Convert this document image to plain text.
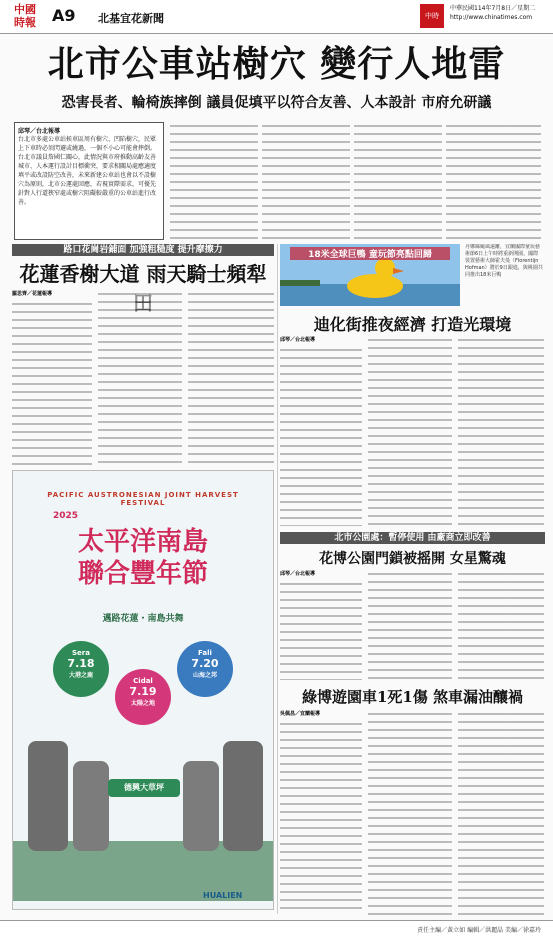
中國
時報	A9 北基宜花新聞	中時
中華民國114年7月8日／星期二
http://www.chinatimes.com
北市公車站樹穴 變行人地雷
恐害長者、輪椅族摔倒 議員促填平以符合友善、人本設計 市府允研議
邱琴／台北報導
台北市多處公車站候車區周有樹穴、凹陷樹穴，民眾上下車時必須閃避或繞過，一個不小心可能會摔倒。台北市議員詹國仁關心，此情況與市府推動高齡友善城市、人本運行設計目標衝突，要求相關局處應適度填平或改設防空改善，未來新建公車站也會以不設樹穴為原則，北市公運處回應，若視實際需求，可優先針對人行道狹窄處或樹穴阻礙較嚴重的公車站進行改善。
路口花崗岩鋪面 加強粗糙度 提升摩擦力
花蓮香榭大道 雨天騎士頻犁
羅思齊／花蓮報導
18米全球巨鴨 童玩節亮點回歸
丹娜絲颱風遠離，宜蘭國際童玩藝術節6日上午時將重新開園。國際裝置藝術大師霍夫曼（Florentijn Hofman）將於9日跟進，與桃園共同推出18米巨鴨
迪化街推夜經濟 打造光環境
邱琴／台北報導
北市公園處：暫停使用 由廠商立即改善
花博公園門鎖被摇開 女星驚魂
邱琴／台北報導
綠博遊園車1死1傷 煞車漏油釀禍
吳佩昌／宜蘭報導
PACIFIC AUSTRONESIAN JOINT HARVEST FESTIVAL
2025
太平洋南島
聯合豐年節
邁路花蓮・南島共舞
Sera
7.18
大港之鹿
Cidal
7.19
太陽之地
Fali
7.20
山海之邦
德興大草坪
HUALIEN
責任主編／黃立如 編輯／洪麗晶 美編／徐嘉玲
